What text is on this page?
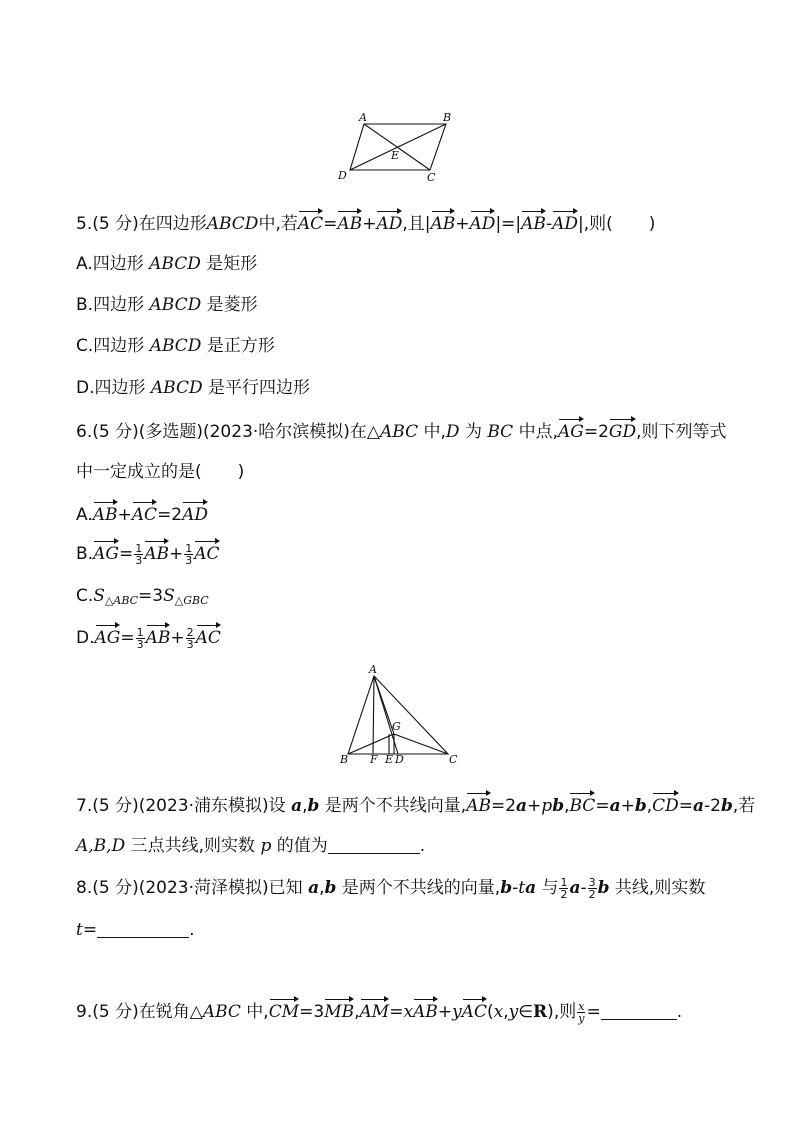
A	B
C
D
E
5.(5 分)在四边形ABCD中,若AC=AB+AD,且|AB+AD|=|AB-AD|,则( )
A.四边形 ABCD 是矩形
B.四边形 ABCD 是菱形
C.四边形 ABCD 是正方形
D.四边形 ABCD 是平行四边形
6.(5 分)(多选题)(2023·哈尔滨模拟)在△ABC 中,D 为 BC 中点,AG=2GD,则下列等式
中一定成立的是( )
A.AB+AC=2AD
$B.AG= \frac{1}{3} AB+ \frac{1}{3}$ AC
$C.S_{\triangle ABC}=3S_{\triangle GBC}$
$D.AG= \frac{1}{3} AB+ \frac{2}{3}$ AC
A
B	C
F E D
G
7.(5 分)(2023·浦东模拟)设 a,b 是两个不共线向量,AB=2a+pb,BC=a+b,CD=a-2b,若
A,B,D 三点共线,则实数 p 的值为	.
8.(5 分)(2023·菏泽模拟)已知 a,b 是两个不共线的向量,b-ta 与 $\frac{1}{2} a- \frac{3}{2}$ b 共线,则实数
t=	.
9.(5 分)在锐角△ABC 中,CM=3MB,AM=xAB+yAC(x,y∈R),则 $\frac{x}{y}$ =	.
